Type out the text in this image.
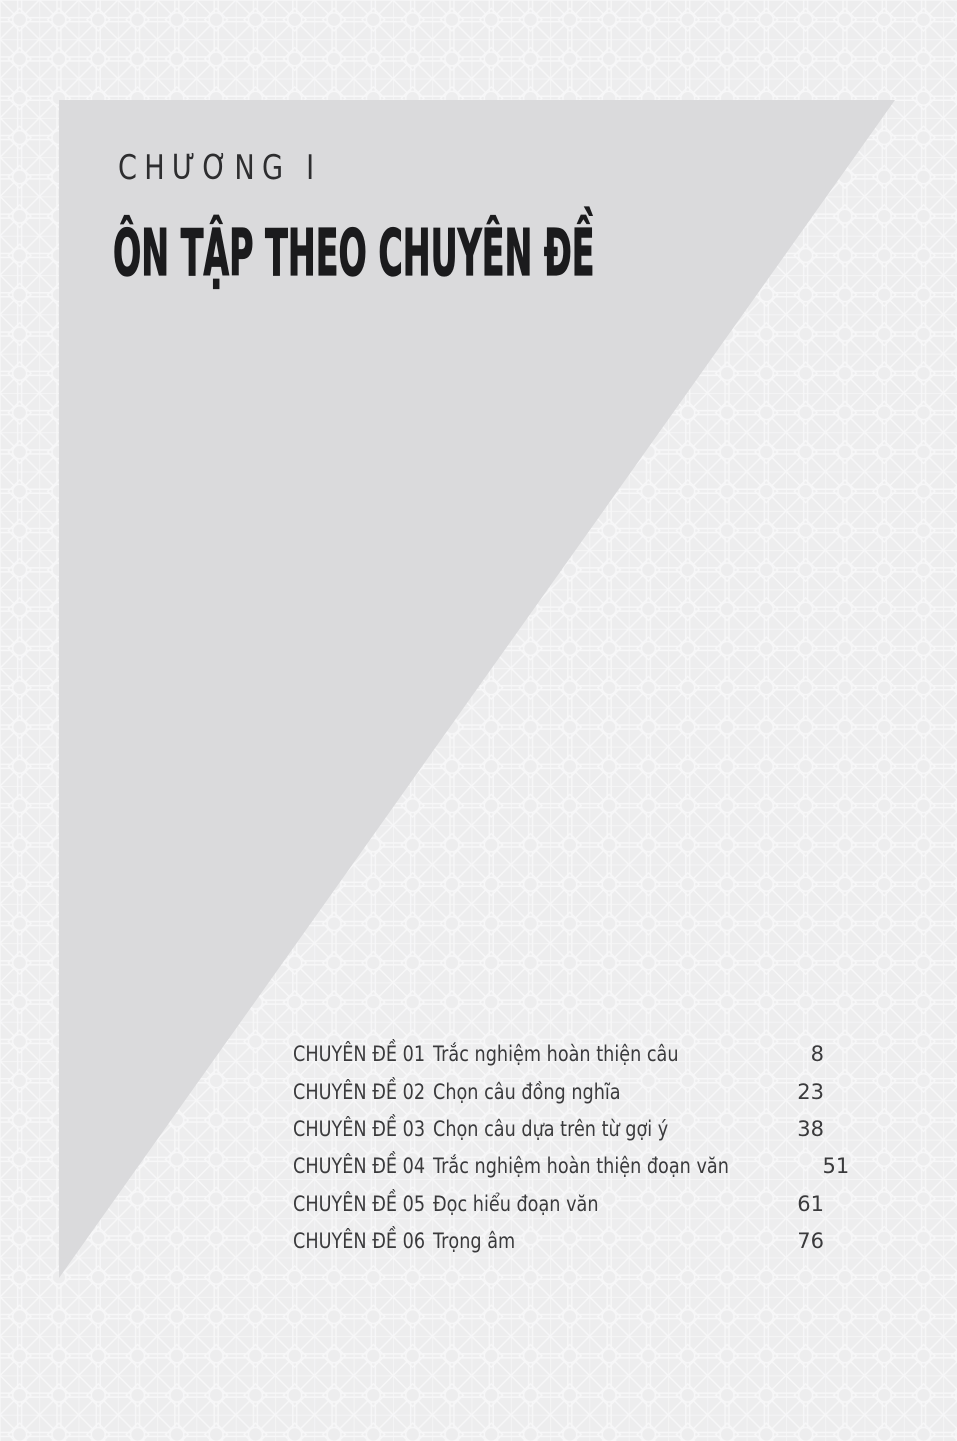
CHƯƠNG I
ÔN TẬP THEO CHUYÊN ĐỀ
CHUYÊN ĐỀ 01 Trắc nghiệm hoàn thiện câu	8
CHUYÊN ĐỀ 02 Chọn câu đồng nghĩa	23
CHUYÊN ĐỀ 03 Chọn câu dựa trên từ gợi ý	38
CHUYÊN ĐỀ 04 Trắc nghiệm hoàn thiện đoạn văn	51
CHUYÊN ĐỀ 05 Đọc hiểu đoạn văn	61
CHUYÊN ĐỀ 06 Trọng âm	76
